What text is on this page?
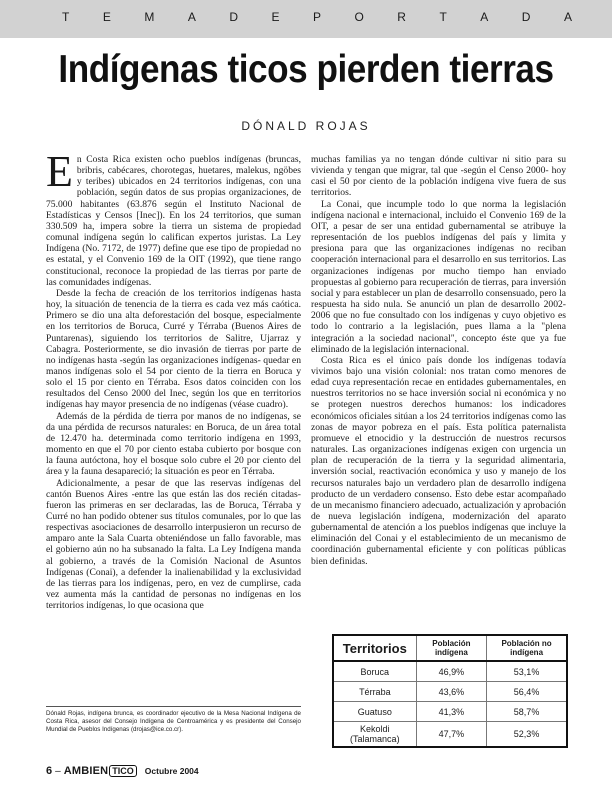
T	E	M	A	D	E	P	O	R	T	A	D	A
Indígenas ticos pierden tierras
DÓNALD ROJAS

En Costa Rica existen ocho pueblos indígenas (bruncas, bribris, cabécares, chorotegas, huetares, malekus, ngöbes y teribes) ubicados en 24 territorios indígenas, con una población, según datos de sus propias organizaciones, de 75.000 habitantes (63.876 según el Instituto Nacional de Estadísticas y Censos [Inec]). En los 24 territorios, que suman 330.509 ha, impera sobre la tierra un sistema de propiedad comunal indígena según lo califican expertos juristas. La Ley Indígena (No. 7172, de 1977) define que ese tipo de propiedad no es estatal, y el Convenio 169 de la OIT (1992), que tiene rango constitucional, reconoce la propiedad de las tierras por parte de las comunidades indígenas.

Desde la fecha de creación de los territorios indígenas hasta hoy, la situación de tenencia de la tierra es cada vez más caótica. Primero se dio una alta deforestación del bosque, especialmente en los territorios de Boruca, Curré y Térraba (Buenos Aires de Puntarenas), siguiendo los territorios de Salitre, Ujarraz y Cabagra. Posteriormente, se dio invasión de tierras por parte de no indígenas hasta -según las organizaciones indígenas- quedar en manos indígenas solo el 54 por ciento de la tierra en Boruca y solo el 15 por ciento en Térraba. Esos datos coinciden con los resultados del Censo 2000 del Inec, según los que en territorios indígenas hay mayor presencia de no indígenas (véase cuadro).

Además de la pérdida de tierra por manos de no indígenas, se da una pérdida de recursos naturales: en Boruca, de un área total de 12.470 ha. determinada como territorio indígena en 1993, momento en que el 70 por ciento estaba cubierto por bosque con la fauna autóctona, hoy el bosque solo cubre el 20 por ciento del área y la fauna desapareció; la situación es peor en Térraba.

Adicionalmente, a pesar de que las reservas indígenas del cantón Buenos Aires -entre las que están las dos recién citadas- fueron las primeras en ser declaradas, las de Boruca, Térraba y Curré no han podido obtener sus títulos comunales, por lo que las respectivas asociaciones de desarrollo interpusieron un recurso de amparo ante la Sala Cuarta obteniéndose un fallo favorable, mas el gobierno aún no ha subsanado la falta. La Ley Indígena manda al gobierno, a través de la Comisión Nacional de Asuntos Indígenas (Conai), a defender la inalienabilidad y la exclusividad de las tierras para los indígenas, pero, en vez de cumplirse, cada vez aumenta más la cantidad de personas no indígenas en los territorios indígenas, lo que ocasiona que

muchas familias ya no tengan dónde cultivar ni sitio para su vivienda y tengan que migrar, tal que -según el Censo 2000- hoy casi el 50 por ciento de la población indígena vive fuera de sus territorios.

La Conai, que incumple todo lo que norma la legislación indígena nacional e internacional, incluido el Convenio 169 de la OIT, a pesar de ser una entidad gubernamental se atribuye la representación de los pueblos indígenas del país y limita y presiona para que las organizaciones indígenas no reciban cooperación internacional para el desarrollo en sus territorios. Las organizaciones indígenas por mucho tiempo han enviado propuestas al gobierno para recuperación de tierras, para inversión social y para establecer un plan de desarrollo consensuado, pero la respuesta ha sido nula. Se anunció un plan de desarrollo 2002-2006 que no fue consultado con los indígenas y cuyo objetivo es todo lo contrario a la legislación, pues llama a la "plena integración a la sociedad nacional", concepto éste que ya fue eliminado de la legislación internacional.

Costa Rica es el único país donde los indígenas todavía vivimos bajo una visión colonial: nos tratan como menores de edad cuya representación recae en entidades gubernamentales, en nuestros territorios no se hace inversión social ni económica y no se protegen nuestros derechos humanos: los indicadores económicos oficiales sitúan a los 24 territorios indígenas como las zonas de mayor pobreza en el país. Esta política paternalista promueve el etnocidio y la destrucción de nuestros recursos naturales. Las organizaciones indígenas exigen con urgencia un plan de recuperación de la tierra y la seguridad alimentaria, inversión social, reactivación económica y uso y manejo de los recursos naturales bajo un verdadero plan de desarrollo indígena producto de un verdadero consenso. Esto debe estar acompañado de un mecanismo financiero adecuado, actualización y aprobación de nueva legislación indígena, modernización del aparato gubernamental de atención a los pueblos indígenas que incluye la eliminación del Conai y el establecimiento de un mecanismo de coordinación gubernamental eficiente y con políticas públicas bien definidas.

Territorios	Población indígena	Población no indígena
Boruca	46,9%	53,1%
Térraba	43,6%	56,4%
Guatuso	41,3%	58,7%
Kekoldi (Talamanca)	47,7%	52,3%
Dónald Rojas, indígena brunca, es coordinador ejecutivo de la Mesa Nacional Indígena de Costa Rica, asesor del Consejo Indígena de Centroamérica y es presidente del Consejo Mundial de Pueblos Indígenas (drojas@ice.co.cr).
6 – AMBIEN TICO	Octubre 2004
